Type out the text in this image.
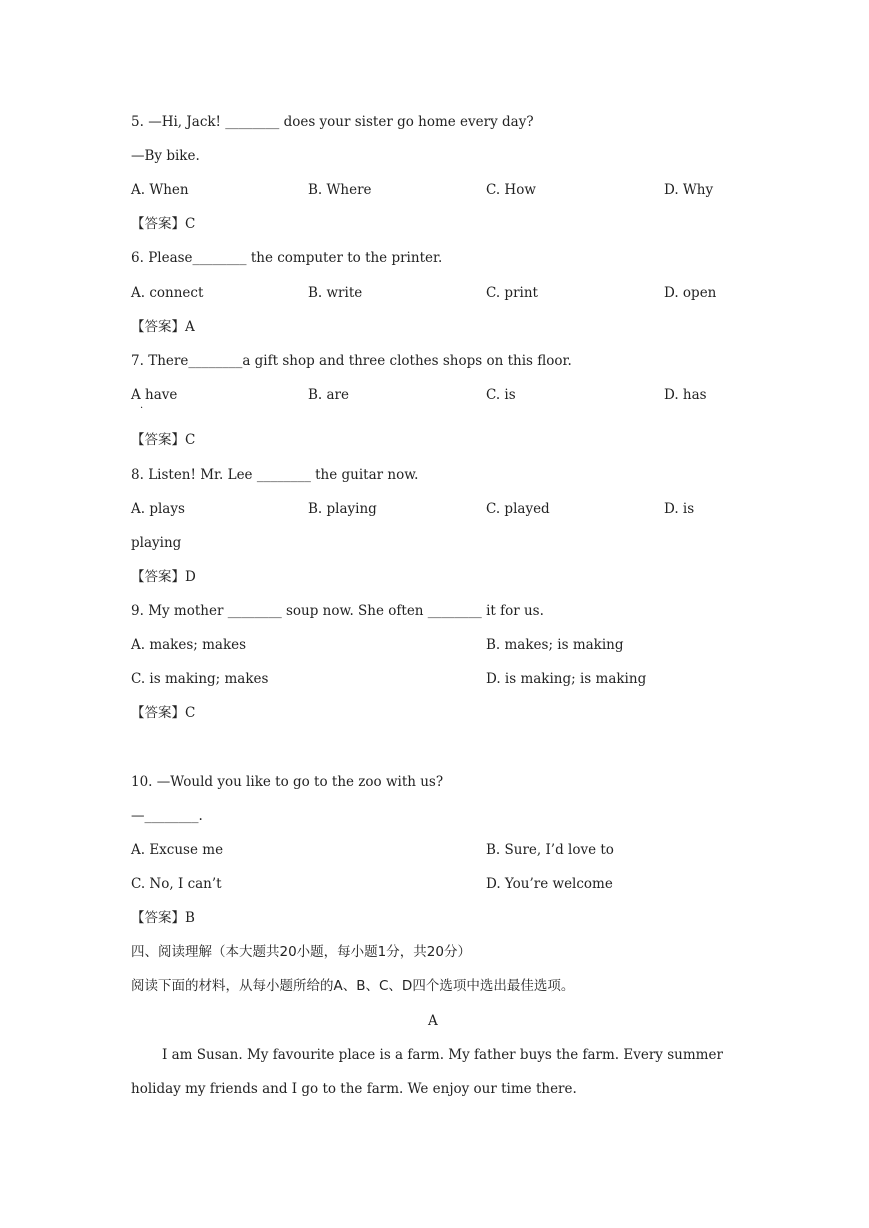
5. —Hi, Jack! ________ does your sister go home every day?
—By bike.
A. When	B. Where	C. How	D. Why
【答案】C
6. Please________ the computer to the printer.
A. connect	B. write	C. print	D. open
【答案】A
7. There________a gift shop and three clothes shops on this floor.
A have	B. are	C. is	D. has
·
【答案】C
8. Listen! Mr. Lee ________ the guitar now.
A. plays	B. playing	C. played	D. is
playing
【答案】D
9. My mother ________ soup now. She often ________ it for us.
A. makes; makes	B. makes; is making
C. is making; makes	D. is making; is making
【答案】C
10. —Would you like to go to the zoo with us?
—________.
A. Excuse me	B. Sure, I’d love to
C. No, I can’t	D. You’re welcome
【答案】B
四、阅读理解（本大题共20小题，每小题1分，共20分）
阅读下面的材料，从每小题所给的A、B、C、D四个选项中选出最佳选项。
A
I am Susan. My favourite place is a farm. My father buys the farm. Every summer
holiday my friends and I go to the farm. We enjoy our time there.
